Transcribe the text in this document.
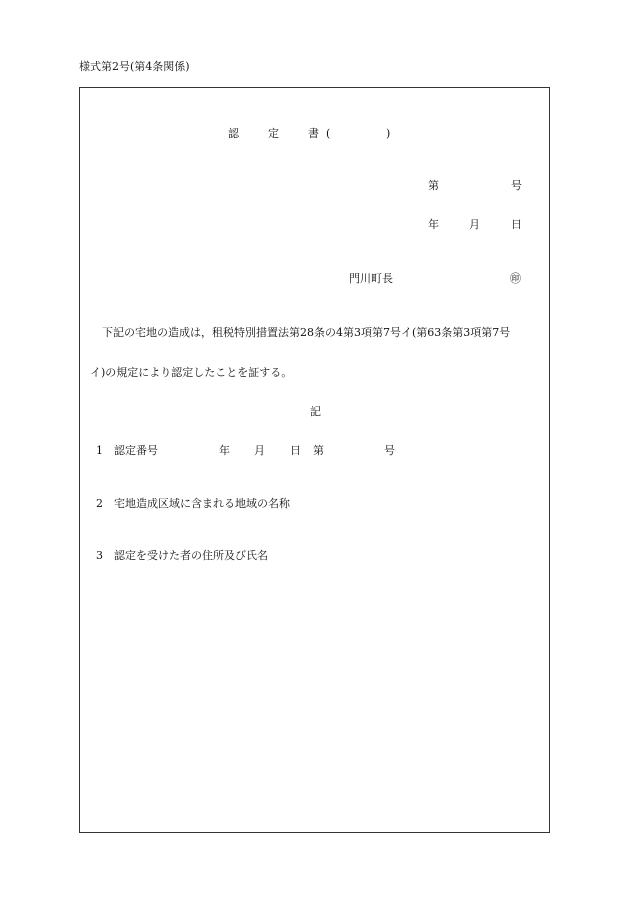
様式第2号(第4条関係)
認	定	書 (	)
第	号
年	月	日
門川町長	㊞
下記の宅地の造成は，租税特別措置法第28条の4第3項第7号イ(第63条第3項第7号
イ)の規定により認定したことを証する。
記
1 認定番号	年 月 日 第	号
2 宅地造成区域に含まれる地域の名称
3 認定を受けた者の住所及び氏名
